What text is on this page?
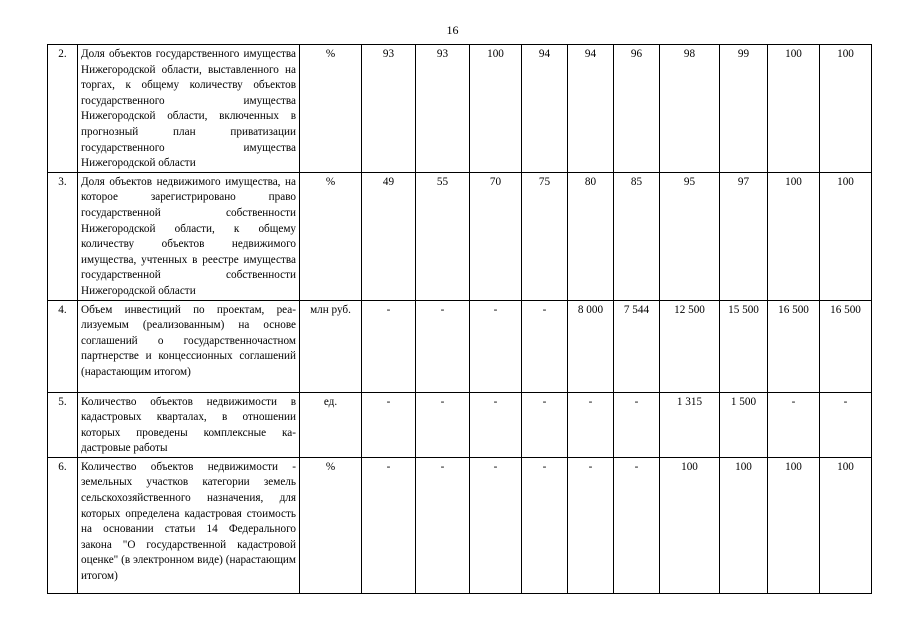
16
2.	Доля объектов государственного имущества Нижегородской области, выставленного на торгах, к общему количеству объектов государственного имущества Нижегородской области, включенных в прогнозный план приватизации государственного имущества Нижегородской области	%	93	93	100	94	94	96	98	99	100	100
3.	Доля объектов недвижимого имущества, на которое зарегистрировано право государственной собственности Нижегородской области, к общему количеству объектов недвижимого имущества, учтенных в реестре имущества государственной собственности Нижегородской области	%	49	55	70	75	80	85	95	97	100	100
4.	Объем инвестиций по проектам, реализуемым (реализованным) на основе соглашений о государственночастном партнерстве и концессионных соглашений (нарастающим итогом)	млн руб.	-	-	-	-	8 000	7 544	12 500	15 500	16 500	16 500
5.	Количество объектов недвижимости в кадастровых кварталах, в отношении которых проведены комплексные кадастровые работы	ед.	-	-	-	-	-	-	1 315	1 500	-	-
6.	Количество объектов недвижимости - земельных участков категории земель сельскохозяйственного назначения, для которых определена кадастровая стоимость на основании статьи 14 Федерального закона "О государственной кадастровой оценке" (в электронном виде) (нарастающим итогом)	%	-	-	-	-	-	-	100	100	100	100
